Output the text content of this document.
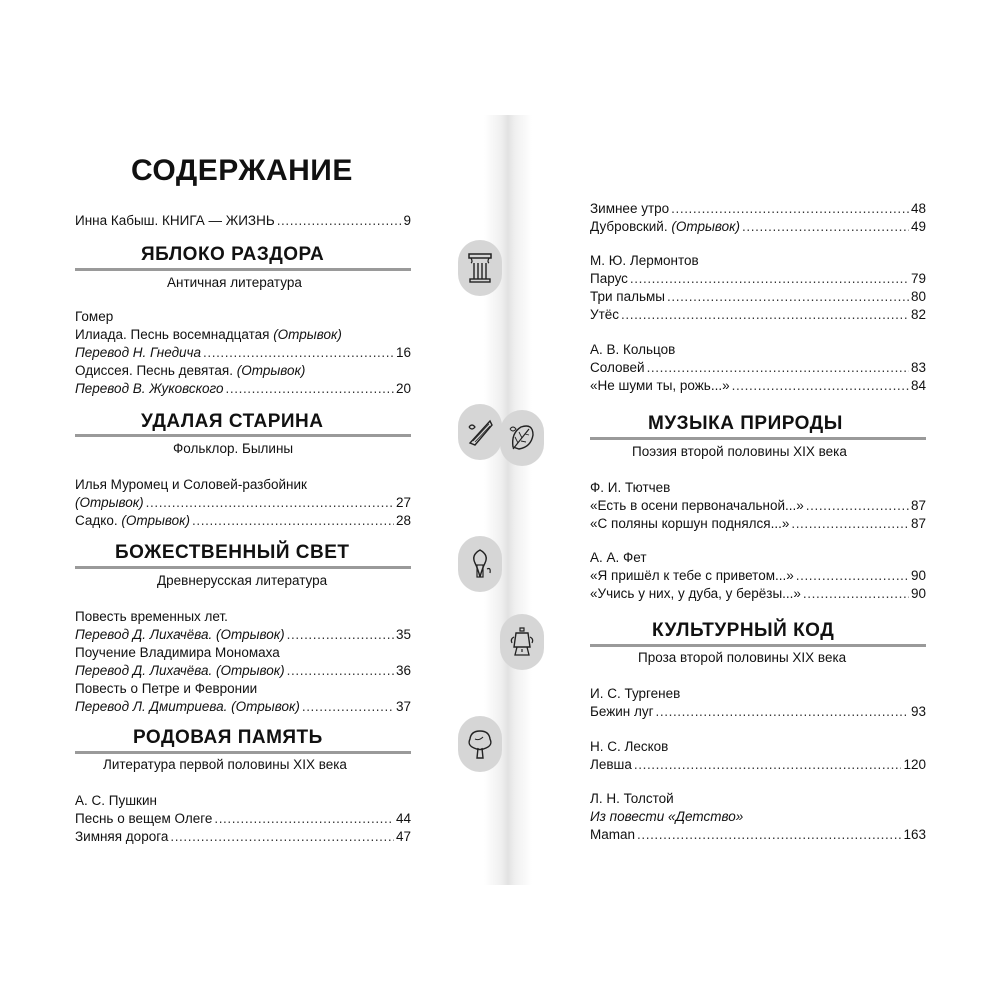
СОДЕРЖАНИЕ
Инна Кабыш. КНИГА — ЖИЗНЬ .....	9
ЯБЛОКО РАЗДОРА
Античная литература
Гомер
Илиада. Песнь восемнадцатая (Отрывок)
Перевод Н. Гнедича .....	16
Одиссея. Песнь девятая. (Отрывок)
Перевод В. Жуковского .....	20
УДАЛАЯ СТАРИНА
Фольклор. Былины
Илья Муромец и Соловей-разбойник
(Отрывок) .....	27
Садко. (Отрывок) .....	28
БОЖЕСТВЕННЫЙ СВЕТ
Древнерусская литература
Повесть временных лет.
Перевод Д. Лихачёва. (Отрывок) .....	35
Поучение Владимира Мономаха
Перевод Д. Лихачёва. (Отрывок) .....	36
Повесть о Петре и Февронии
Перевод Л. Дмитриева. (Отрывок) .....	37
РОДОВАЯ ПАМЯТЬ
Литература первой половины XIX века
А. С. Пушкин
Песнь о вещем Олеге .....	44
Зимняя дорога .....	47
Зимнее утро .....	48
Дубровский. (Отрывок) .....	49
М. Ю. Лермонтов
Парус .....	79
Три пальмы .....	80
Утёс .....	82
А. В. Кольцов
Соловей .....	83
«Не шуми ты, рожь...» .....	84
МУЗЫКА ПРИРОДЫ
Поэзия второй половины XIX века
Ф. И. Тютчев
«Есть в осени первоначальной...» .....	87
«С поляны коршун поднялся...» .....	87
А. А. Фет
«Я пришёл к тебе с приветом...» .....	90
«Учись у них, у дуба, у берёзы...» .....	90
КУЛЬТУРНЫЙ КОД
Проза второй половины XIX века
И. С. Тургенев
Бежин луг .....	93
Н. С. Лесков
Левша .....	120
Л. Н. Толстой
Из повести «Детство»
Maman .....	163
